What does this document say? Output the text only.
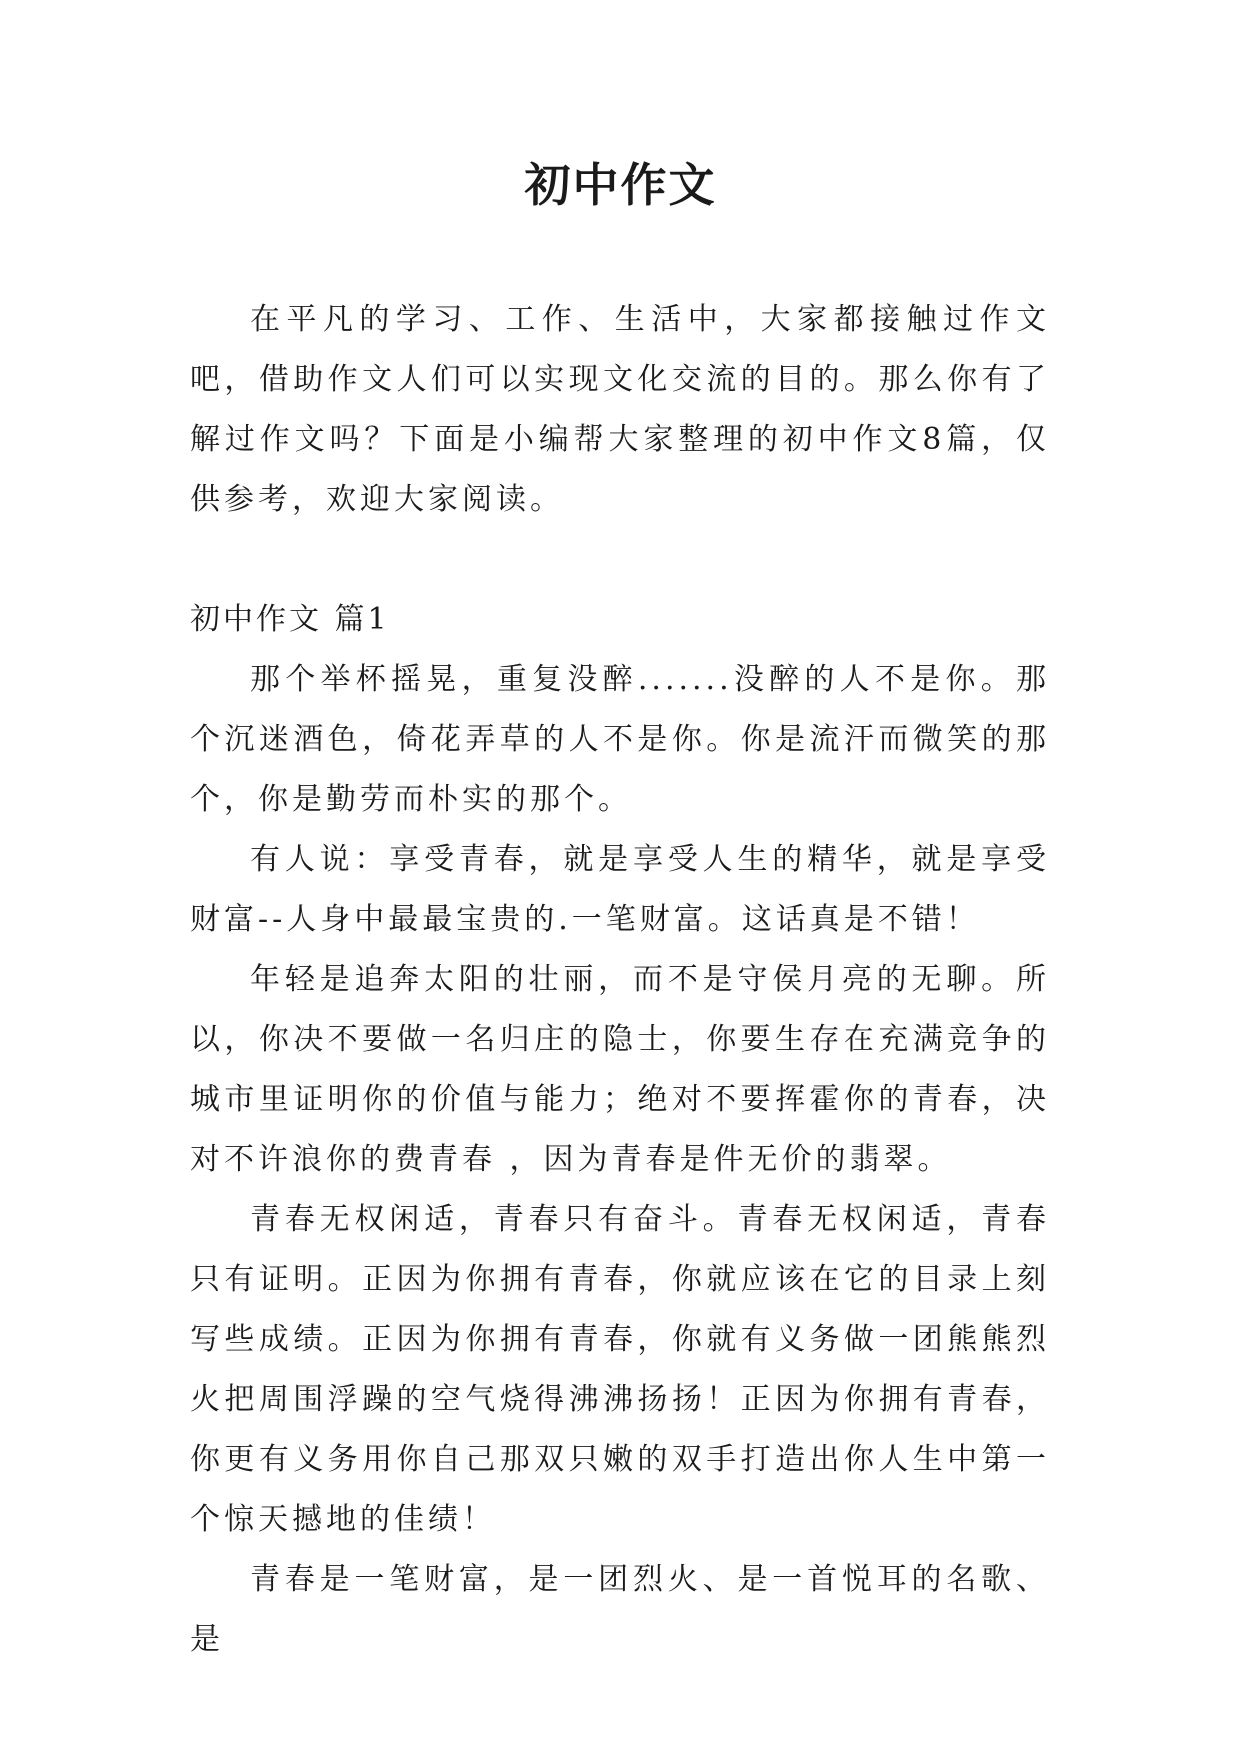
初中作文

在平凡的学习、工作、生活中，大家都接触过作文吧，借助作文人们可以实现文化交流的目的。那么你有了解过作文吗？下面是小编帮大家整理的初中作文8篇，仅供参考，欢迎大家阅读。

初中作文 篇1

那个举杯摇晃，重复没醉.......没醉的人不是你。那个沉迷酒色，倚花弄草的人不是你。你是流汗而微笑的那个，你是勤劳而朴实的那个。

有人说：享受青春，就是享受人生的精华，就是享受财富--人身中最最宝贵的.一笔财富。这话真是不错！

年轻是追奔太阳的壮丽，而不是守侯月亮的无聊。所以，你决不要做一名归庄的隐士，你要生存在充满竞争的城市里证明你的价值与能力；绝对不要挥霍你的青春，决对不许浪你的费青春 ，因为青春是件无价的翡翠。

青春无权闲适，青春只有奋斗。青春无权闲适，青春只有证明。正因为你拥有青春，你就应该在它的目录上刻写些成绩。正因为你拥有青春，你就有义务做一团熊熊烈火把周围浮躁的空气烧得沸沸扬扬！正因为你拥有青春，你更有义务用你自己那双只嫩的双手打造出你人生中第一个惊天撼地的佳绩！

青春是一笔财富，是一团烈火、是一首悦耳的名歌、是
